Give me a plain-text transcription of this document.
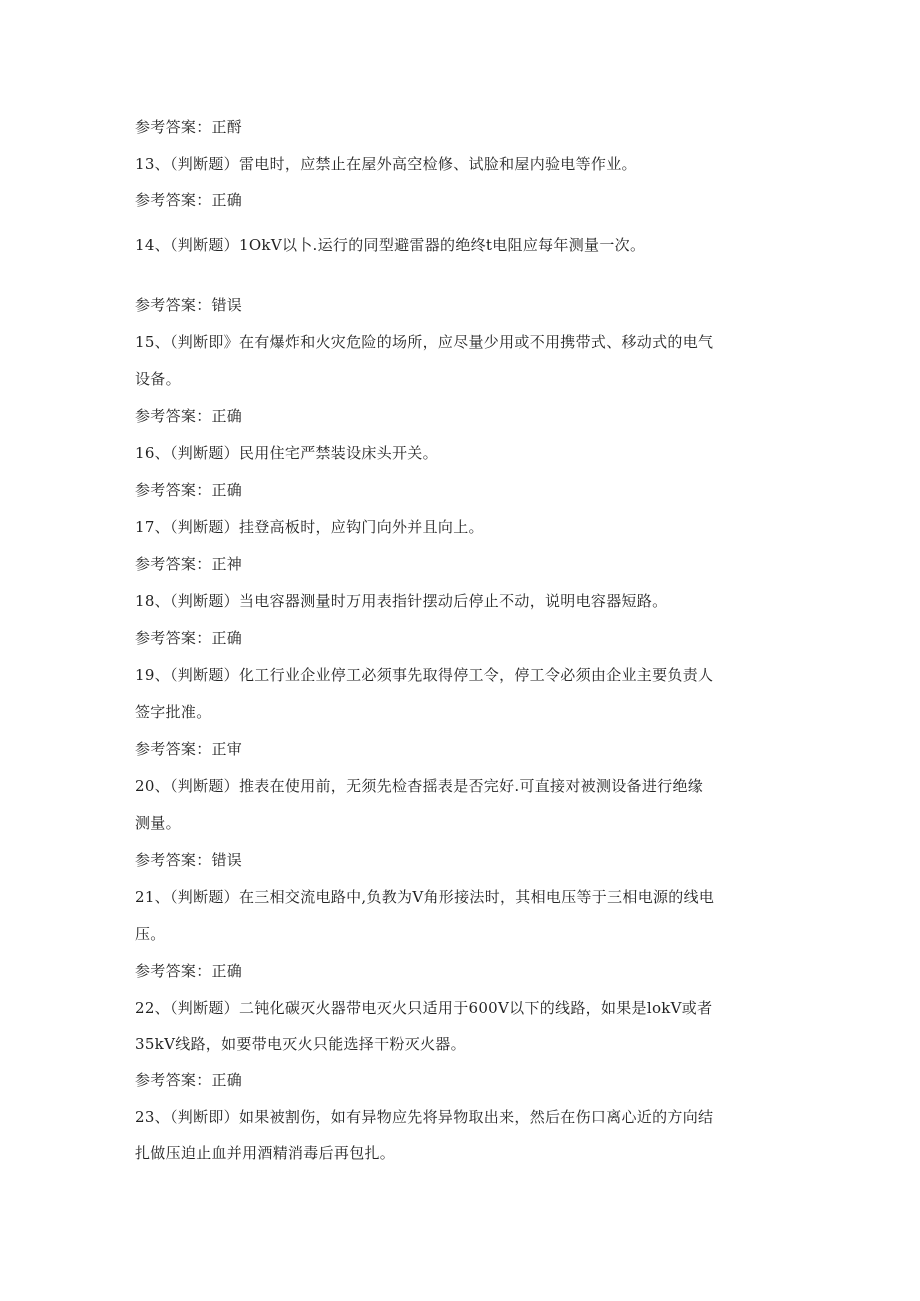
参考答案：正酹
13、（判断题）雷电时，应禁止在屋外高空检修、试脸和屋内验电等作业。
参考答案：正确
14、（判断题）1OkV以卜.运行的同型避雷器的绝终t电阻应每年测量一次。
参考答案：错误
15、（判断即》在有爆炸和火灾危险的场所，应尽量少用或不用携带式、移动式的电气
设备。
参考答案：正确
16、（判断题）民用住宅严禁装设床头开关。
参考答案：正确
17、（判断题）挂登高板时，应钩门向外并且向上。
参考答案：正神
18、（判断题）当电容器测量时万用表指针摆动后停止不动，说明电容器短路。
参考答案：正确
19、（判断题）化工行业企业停工必须事先取得停工令，停工令必须由企业主要负责人
签字批准。
参考答案：正审
20、（判断题）推表在使用前，无须先检杳摇表是否完好.可直接对被测设备进行绝缘
测量。
参考答案：错误
21、（判断题）在三相交流电路中,负教为V角形接法时，其相电压等于三相电源的线电
压。
参考答案：正确
22、（判断题）二钝化碳灭火器带电灭火只适用于600V以下的线路，如果是lokV或者
35kV线路，如要带电灭火只能选择干粉灭火器。
参考答案：正确
23、（判断即）如果被割伤，如有异物应先将异物取出来，然后在伤口离心近的方向结
扎做压迫止血并用酒精消毒后再包扎。
